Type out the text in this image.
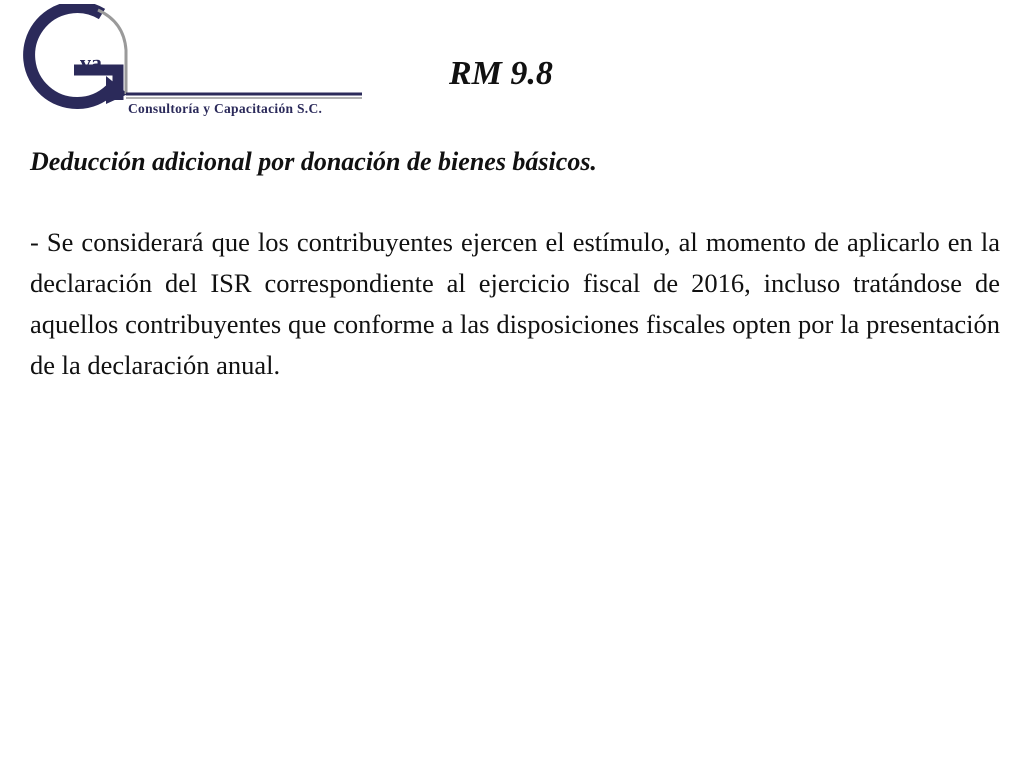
va
Consultoría y Capacitación S.C.
RM 9.8
Deducción adicional por donación de bienes básicos.

- Se considerará que los contribuyentes ejercen el estímulo, al momento de aplicarlo en la declaración del ISR correspondiente al ejercicio fiscal de 2016, incluso tratándose de aquellos contribuyentes que conforme a las disposiciones fiscales opten por la presentación de la declaración anual.
